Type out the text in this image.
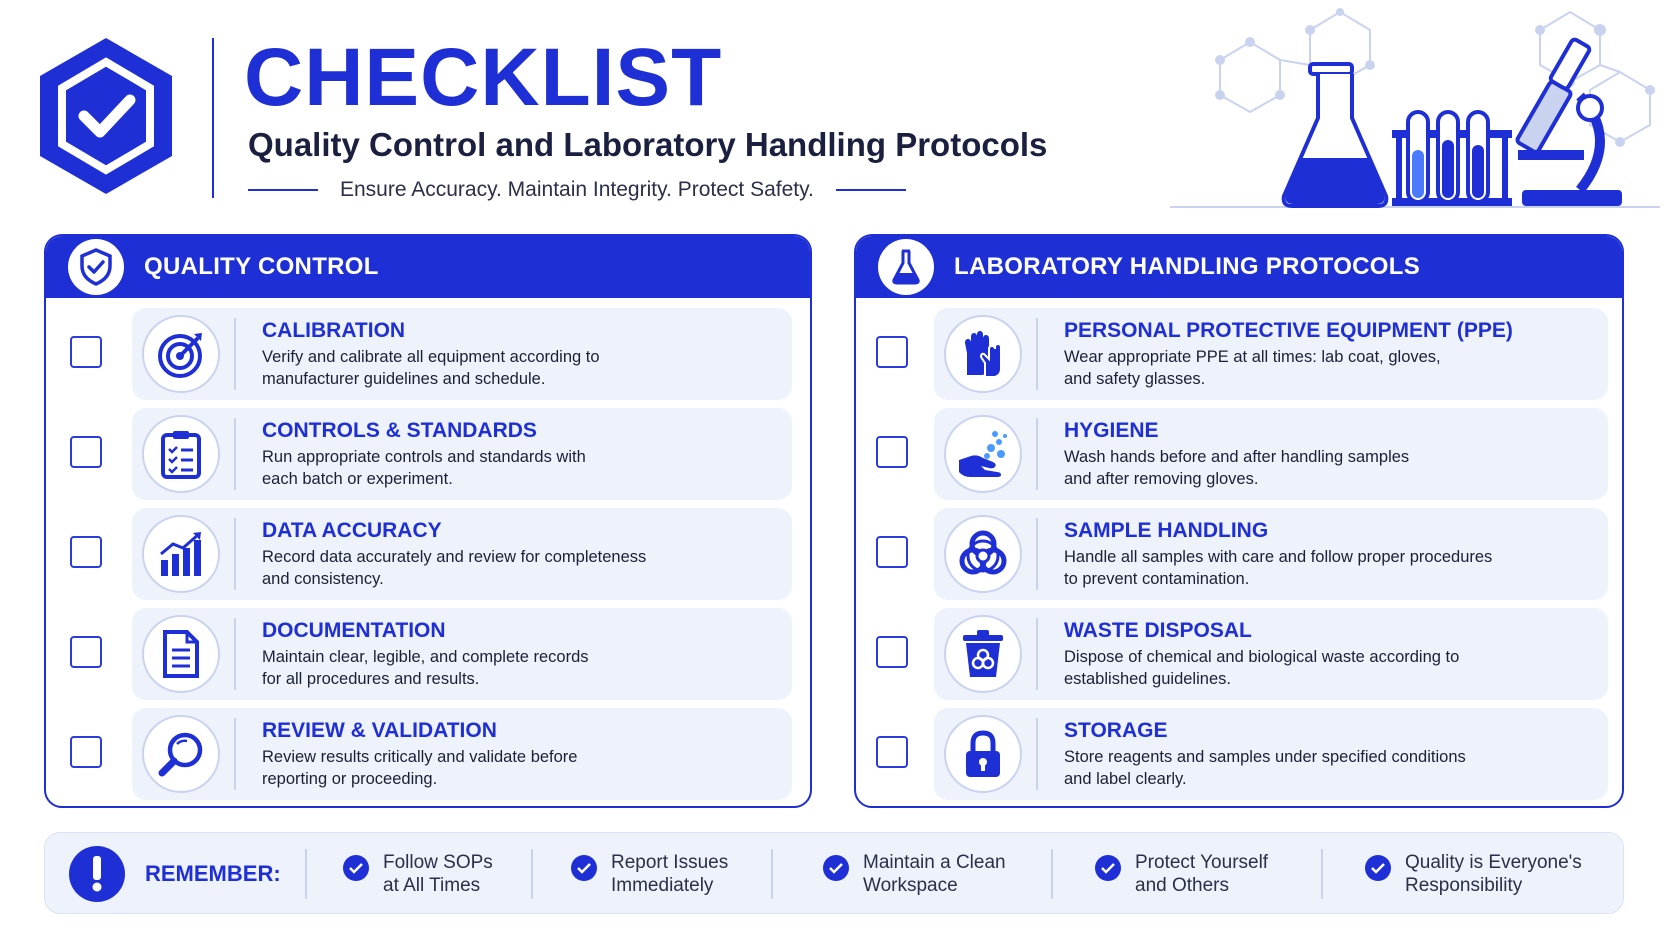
CHECKLIST
Quality Control and Laboratory Handling Protocols
Ensure Accuracy. Maintain Integrity. Protect Safety.
QUALITY CONTROL	LABORATORY HANDLING PROTOCOLS
CALIBRATION
Verify and calibrate all equipment according to
manufacturer guidelines and schedule.
CONTROLS & STANDARDS
Run appropriate controls and standards with
each batch or experiment.
DATA ACCURACY
Record data accurately and review for completeness
and consistency.
DOCUMENTATION
Maintain clear, legible, and complete records
for all procedures and results.
REVIEW & VALIDATION
Review results critically and validate before
reporting or proceeding.
PERSONAL PROTECTIVE EQUIPMENT (PPE)
Wear appropriate PPE at all times: lab coat, gloves,
and safety glasses.
HYGIENE
Wash hands before and after handling samples
and after removing gloves.
SAMPLE HANDLING
Handle all samples with care and follow proper procedures
to prevent contamination.
WASTE DISPOSAL
Dispose of chemical and biological waste according to
established guidelines.
STORAGE
Store reagents and samples under specified conditions
and label clearly.
REMEMBER:	Follow SOPs
at All Times
Report Issues
Immediately
Maintain a Clean
Workspace
Protect Yourself
and Others
Quality is Everyone's
Responsibility
